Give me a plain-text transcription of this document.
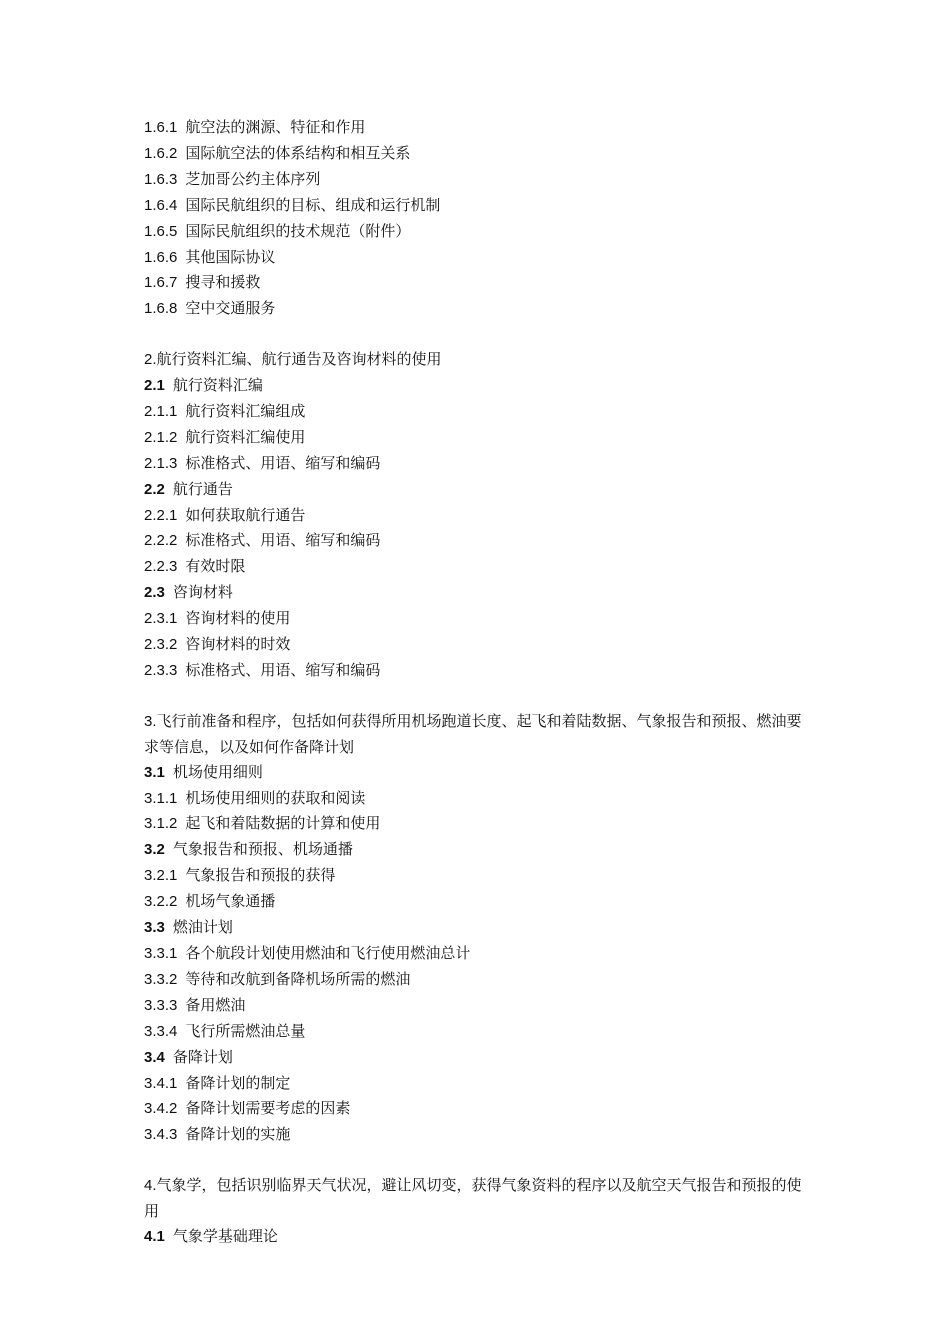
1.6.1 航空法的渊源、特征和作用
1.6.2 国际航空法的体系结构和相互关系
1.6.3 芝加哥公约主体序列
1.6.4 国际民航组织的目标、组成和运行机制
1.6.5 国际民航组织的技术规范（附件）
1.6.6 其他国际协议
1.6.7 搜寻和援救
1.6.8 空中交通服务
2.航行资料汇编、航行通告及咨询材料的使用
2.1 航行资料汇编
2.1.1 航行资料汇编组成
2.1.2 航行资料汇编使用
2.1.3 标准格式、用语、缩写和编码
2.2 航行通告
2.2.1 如何获取航行通告
2.2.2 标准格式、用语、缩写和编码
2.2.3 有效时限
2.3 咨询材料
2.3.1 咨询材料的使用
2.3.2 咨询材料的时效
2.3.3 标准格式、用语、缩写和编码
3.飞行前准备和程序，包括如何获得所用机场跑道长度、起飞和着陆数据、气象报告和预报、燃油要求等信息，以及如何作备降计划
3.1 机场使用细则
3.1.1 机场使用细则的获取和阅读
3.1.2 起飞和着陆数据的计算和使用
3.2 气象报告和预报、机场通播
3.2.1 气象报告和预报的获得
3.2.2 机场气象通播
3.3 燃油计划
3.3.1 各个航段计划使用燃油和飞行使用燃油总计
3.3.2 等待和改航到备降机场所需的燃油
3.3.3 备用燃油
3.3.4 飞行所需燃油总量
3.4 备降计划
3.4.1 备降计划的制定
3.4.2 备降计划需要考虑的因素
3.4.3 备降计划的实施
4.气象学，包括识别临界天气状况，避让风切变，获得气象资料的程序以及航空天气报告和预报的使用
4.1 气象学基础理论
